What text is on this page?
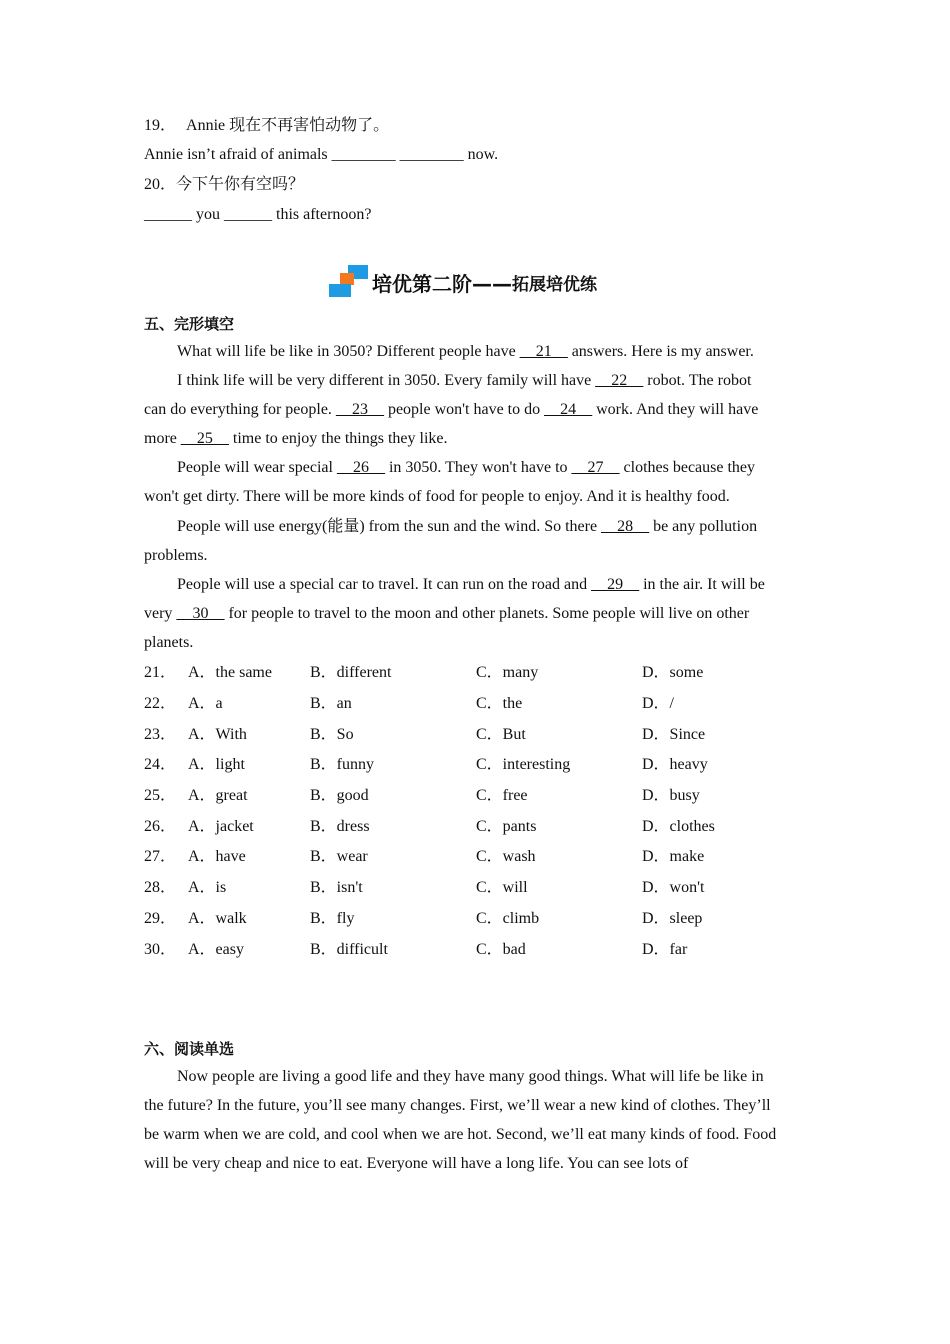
19． Annie 现在不再害怕动物了。
Annie isn’t afraid of animals ________ ________ now.
20．今下午你有空吗？
______ you ______ this afternoon?
培优第二阶—— 拓展培优练
五、完形填空
What will life be like in 3050? Different people have __21__ answers. Here is my answer.
I think life will be very different in 3050. Every family will have __22__ robot. The robot
can do everything for people. __23__ people won't have to do __24__ work. And they will have
more __25__ time to enjoy the things they like.
People will wear special __26__ in 3050. They won't have to __27__ clothes because they
won't get dirty. There will be more kinds of food for people to enjoy. And it is healthy food.
People will use energy(能量) from the sun and the wind. So there __28__ be any pollution
problems.
People will use a special car to travel. It can run on the road and __29__ in the air. It will be
very __30__ for people to travel to the moon and other planets. Some people will live on other
planets.
21． A．the same B．different	C．many	D．some
22． A．a	B．an	C．the	D．/
23． A．With	B．So	C．But	D．Since
24． A．light	B．funny	C．interesting	D．heavy
25． A．great	B．good	C．free	D．busy
26． A．jacket	B．dress	C．pants	D．clothes
27． A．have	B．wear	C．wash	D．make
28． A．is	B．isn't	C．will	D．won't
29． A．walk	B．fly	C．climb	D．sleep
30． A．easy	B．difficult	C．bad	D．far
六、阅读单选
Now people are living a good life and they have many good things. What will life be like in
the future? In the future, you’ll see many changes. First, we’ll wear a new kind of clothes. They’ll
be warm when we are cold, and cool when we are hot. Second, we’ll eat many kinds of food. Food
will be very cheap and nice to eat. Everyone will have a long life. You can see lots of
